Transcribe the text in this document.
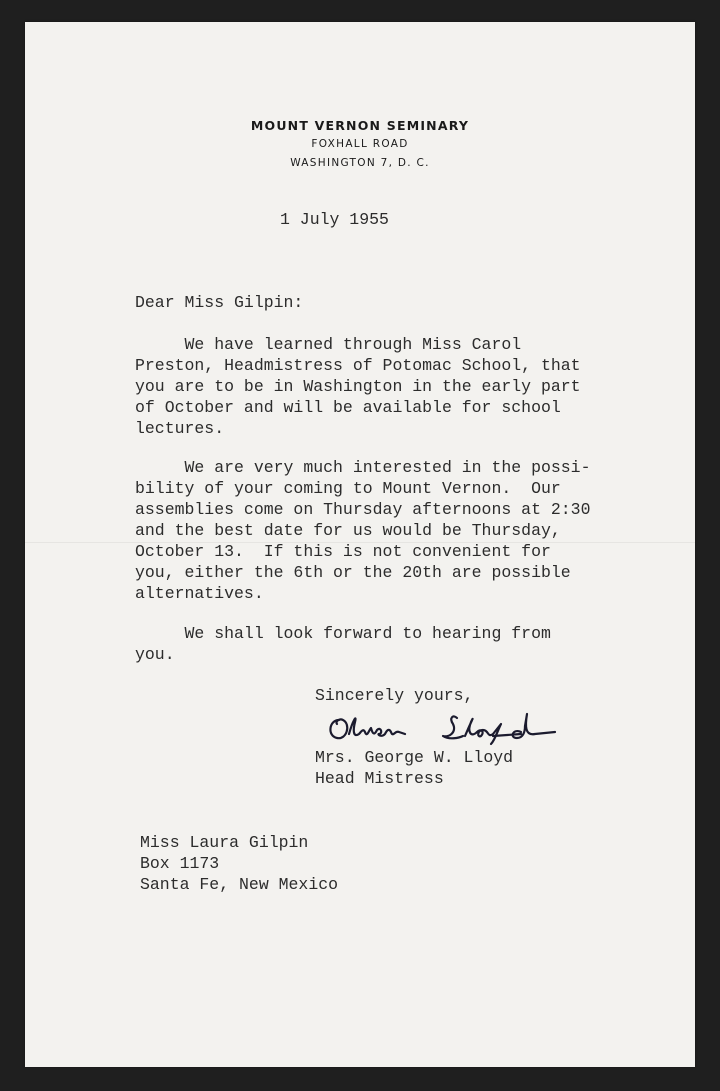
MOUNT VERNON SEMINARY

FOXHALL ROAD

WASHINGTON 7, D. C.

1 July 1955

Dear Miss Gilpin:

We have learned through Miss Carol
Preston, Headmistress of Potomac School, that
you are to be in Washington in the early part
of October and will be available for school
lectures.

We are very much interested in the possi-
bility of your coming to Mount Vernon.  Our
assemblies come on Thursday afternoons at 2:30
and the best date for us would be Thursday,
October 13.  If this is not convenient for
you, either the 6th or the 20th are possible
alternatives.

We shall look forward to hearing from
you.

Sincerely yours,

Mrs. George W. Lloyd
Head Mistress
Miss Laura Gilpin
Box 1173
Santa Fe, New Mexico
